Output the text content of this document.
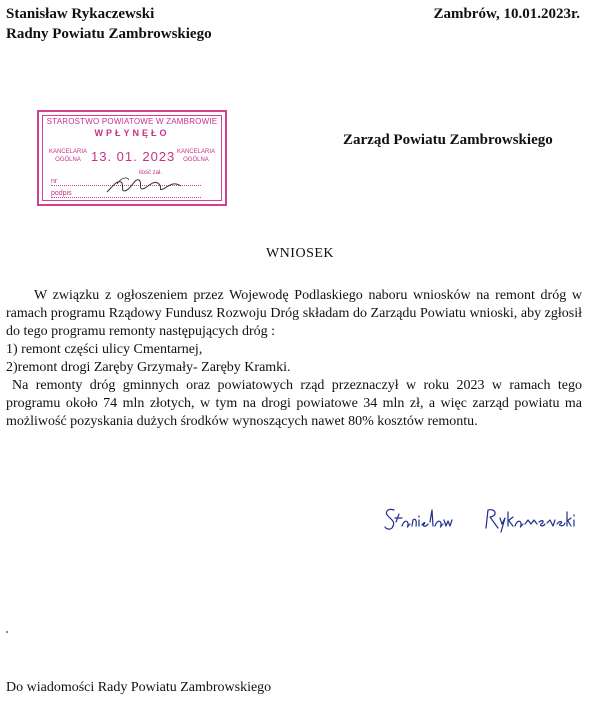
Stanisław Rykaczewski
Radny Powiatu Zambrowskiego
Zambrów, 10.01.2023r.
STAROSTWO POWIATOWE W ZAMBROWIE
WPŁYNĘŁO
KANCELARIA
OGÓLNA 13. 01. 2023 KANCELARIA
OGÓLNA
ilość zał.
nr
podpis
Zarząd Powiatu Zambrowskiego
WNIOSEK

W związku z ogłoszeniem przez Wojewodę Podlaskiego naboru wniosków na remont dróg w ramach programu Rządowy Fundusz Rozwoju Dróg składam do Zarządu Powiatu wnioski, aby zgłosił do tego programu remonty następujących dróg :

1) remont części ulicy Cmentarnej,

2)remont drogi Zaręby Grzymały- Zaręby Kramki.

Na remonty dróg gminnych oraz powiatowych rząd przeznaczył w roku 2023 w ramach tego programu około 74 mln złotych, w tym na drogi powiatowe 34 mln zł, a więc zarząd powiatu ma możliwość pozyskania dużych środków wynoszących nawet 80% kosztów remontu.

Do wiadomości Rady Powiatu Zambrowskiego
